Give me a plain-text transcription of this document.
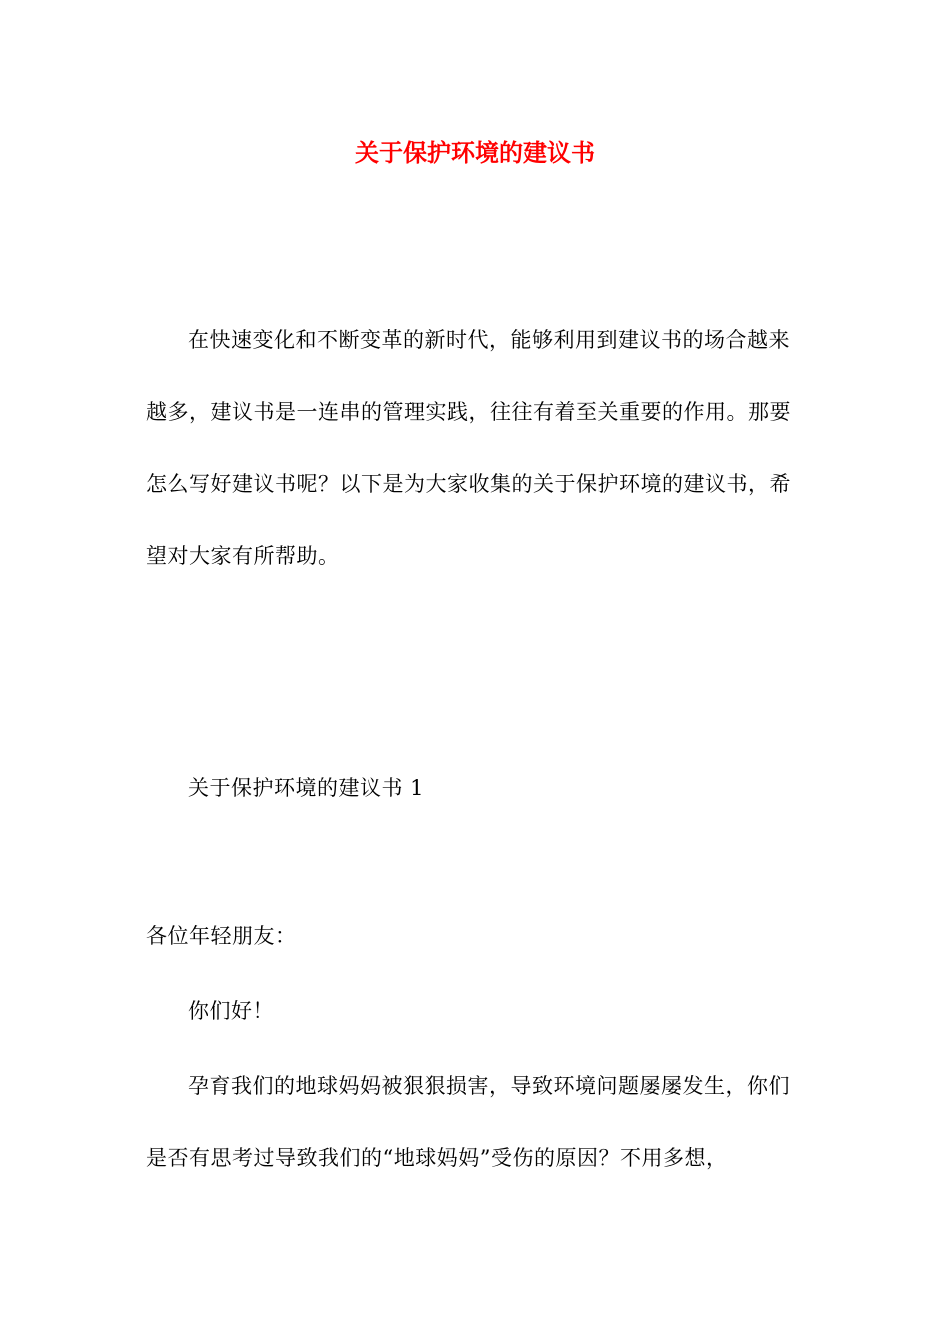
关于保护环境的建议书

在快速变化和不断变革的新时代，能够利用到建议书的场合越来越多，建议书是一连串的管理实践，往往有着至关重要的作用。那要怎么写好建议书呢？以下是为大家收集的关于保护环境的建议书，希望对大家有所帮助。

关于保护环境的建议书 1

各位年轻朋友：

你们好！

孕育我们的地球妈妈被狠狠损害，导致环境问题屡屡发生，你们是否有思考过导致我们的“地球妈妈”受伤的原因？不用多想，
